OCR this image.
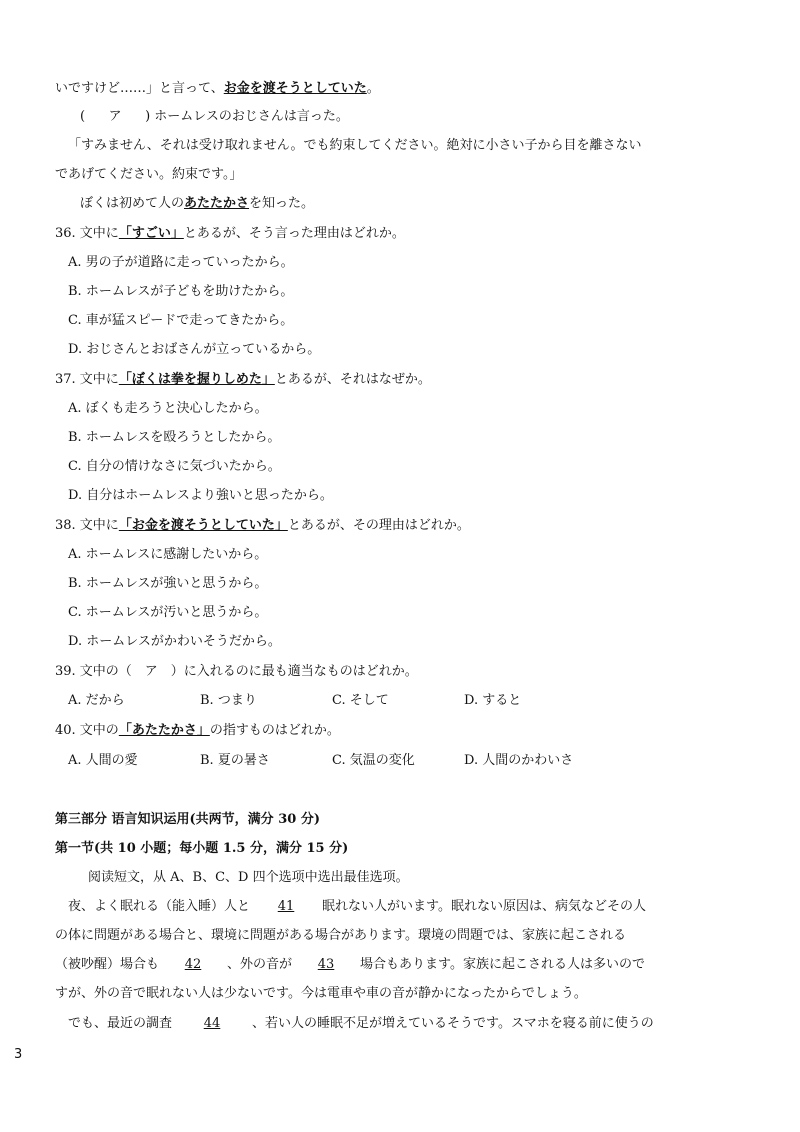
いですけど……」と言って、お金を渡そうとしていた。
( ア ) ホームレスのおじさんは言った。
「すみません、それは受け取れません。でも約束してください。絶対に小さい子から目を離さない
であげてください。約束です。」
ぼくは初めて人のあたたかさを知った。
36. 文中に「すごい」とあるが、そう言った理由はどれか。
A. 男の子が道路に走っていったから。
B. ホームレスが子どもを助けたから。
C. 車が猛スピードで走ってきたから。
D. おじさんとおばさんが立っているから。
37. 文中に「ぼくは拳を握りしめた」とあるが、それはなぜか。
A. ぼくも走ろうと決心したから。
B. ホームレスを殴ろうとしたから。
C. 自分の情けなさに気づいたから。
D. 自分はホームレスより強いと思ったから。
38. 文中に「お金を渡そうとしていた」とあるが、その理由はどれか。
A. ホームレスに感謝したいから。
B. ホームレスが強いと思うから。
C. ホームレスが汚いと思うから。
D. ホームレスがかわいそうだから。
39. 文中の（　ア　）に入れるのに最も適当なものはどれか。
A. だから	B. つまり	C. そして	D. すると
40. 文中の「あたたかさ」の指すものはどれか。
A. 人間の愛	B. 夏の暑さ	C. 気温の変化	D. 人間のかわいさ
第三部分 语言知识运用(共两节，满分 30 分)
第一节(共 10 小题；每小题 1.5 分，满分 15 分)
阅读短文，从 A、B、C、D 四个选项中选出最佳选项。
夜、よく眠れる（能入睡）人と 41 眠れない人がいます。眠れない原因は、病気などその人
の体に問題がある場合と、環境に問題がある場合があります。環境の問題では、家族に起こされる
（被吵醒）場合も 42 、外の音が 43 場合もあります。家族に起こされる人は多いので
すが、外の音で眠れない人は少ないです。今は電車や車の音が静かになったからでしょう。
でも、最近の調査 44 、若い人の睡眠不足が増えているそうです。スマホを寝る前に使うの
3
